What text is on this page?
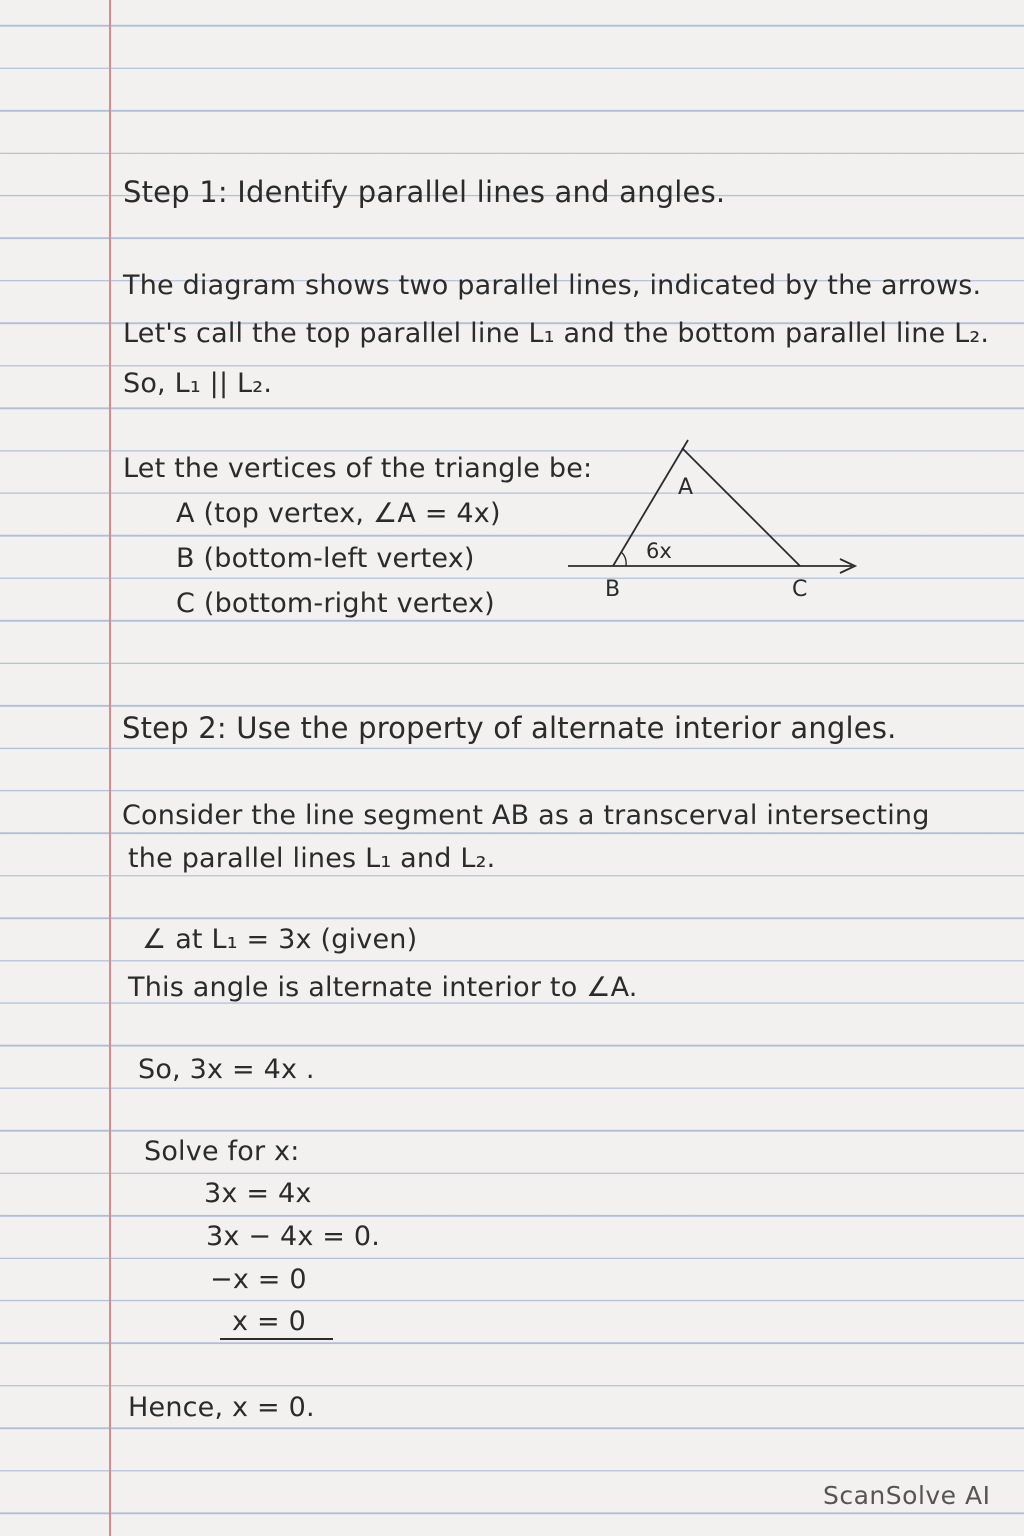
Step 1: Identify parallel lines and angles.
The diagram shows two parallel lines, indicated by the arrows.
Let's call the top parallel line L₁ and the bottom parallel line L₂.
So, L₁ || L₂.
Let the vertices of the triangle be:
A (top vertex, ∠A = 4x)
B (bottom-left vertex)
C (bottom-right vertex)
A
B	C
6x
Step 2: Use the property of alternate interior angles.
Consider the line segment AB as a transcerval intersecting
the parallel lines L₁ and L₂.
∠ at L₁ = 3x (given)
This angle is alternate interior to ∠A.
So, 3x = 4x .
Solve for x:
3x = 4x
3x − 4x = 0.
−x = 0
x = 0
Hence, x = 0.
ScanSolve AI
